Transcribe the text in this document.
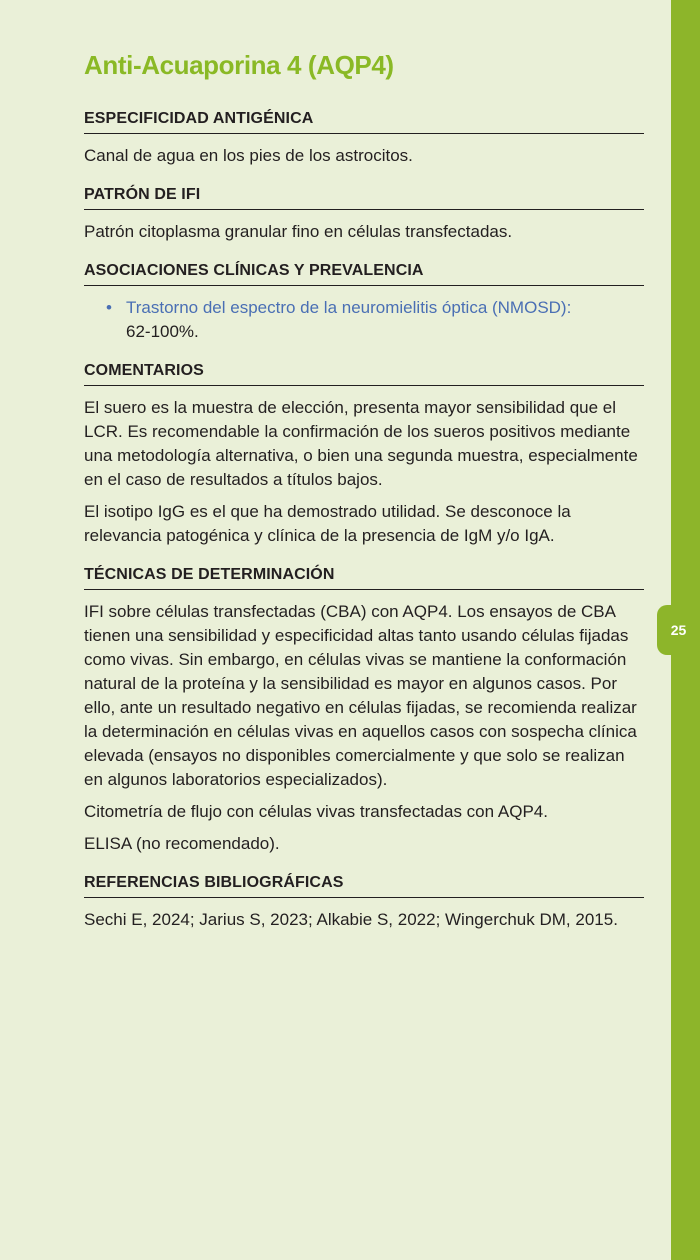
25
Anti-Acuaporina 4 (AQP4)
ESPECIFICIDAD ANTIGÉNICA

Canal de agua en los pies de los astrocitos.

PATRÓN DE IFI

Patrón citoplasma granular fino en células transfectadas.

ASOCIACIONES CLÍNICAS Y PREVALENCIA
• Trastorno del espectro de la neuromielitis óptica (NMOSD):
62-100%.
COMENTARIOS

El suero es la muestra de elección, presenta mayor sensibilidad que el LCR. Es recomendable la confirmación de los sueros positivos mediante una metodología alternativa, o bien una segunda muestra, especialmente en el caso de resultados a títulos bajos.

El isotipo IgG es el que ha demostrado utilidad. Se desconoce la relevancia patogénica y clínica de la presencia de IgM y/o IgA.

TÉCNICAS DE DETERMINACIÓN

IFI sobre células transfectadas (CBA) con AQP4. Los ensayos de CBA tienen una sensibilidad y especificidad altas tanto usando células fijadas como vivas. Sin embargo, en células vivas se mantiene la conformación natural de la proteína y la sensibilidad es mayor en algunos casos. Por ello, ante un resultado negativo en células fijadas, se recomienda realizar la determinación en células vivas en aquellos casos con sospecha clínica elevada (ensayos no disponibles comercialmente y que solo se realizan en algunos laboratorios especializados).

Citometría de flujo con células vivas transfectadas con AQP4.

ELISA (no recomendado).

REFERENCIAS BIBLIOGRÁFICAS

Sechi E, 2024; Jarius S, 2023; Alkabie S, 2022; Wingerchuk DM, 2015.
